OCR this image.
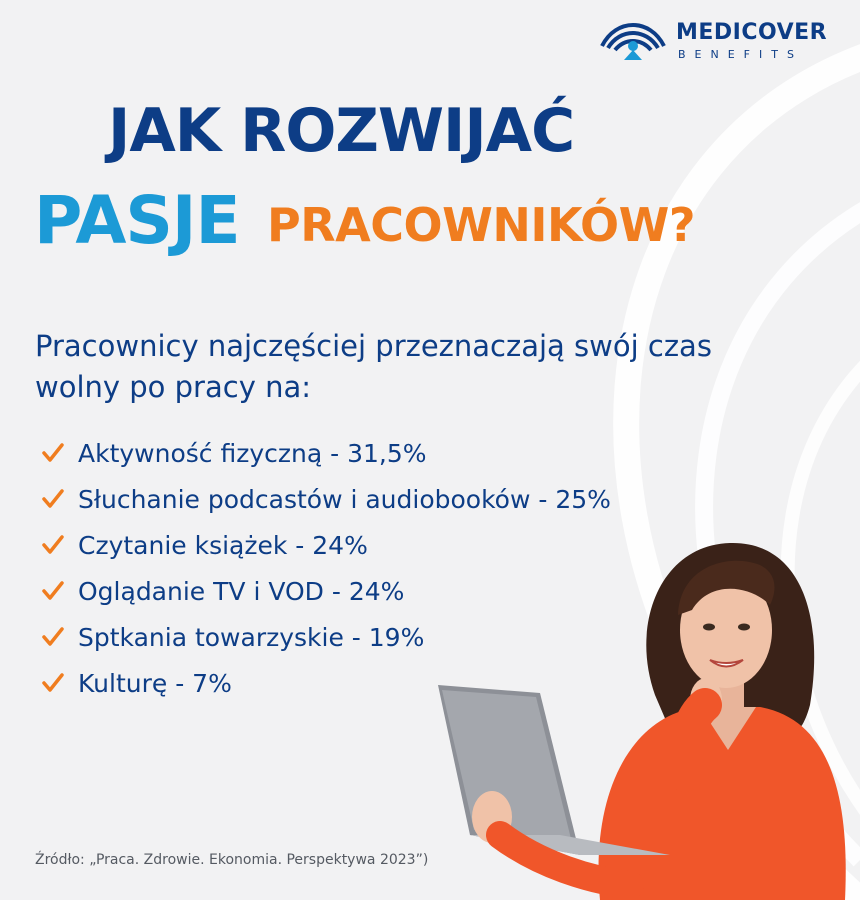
MEDICOVER
BENEFITS
JAK ROZWIJAĆ
PASJE PRACOWNIKÓW?
Pracownicy najczęściej przeznaczają swój czas wolny po pracy na:
Aktywność fizyczną - 31,5%
Słuchanie podcastów i audiobooków - 25%
Czytanie książek - 24%
Oglądanie TV i VOD - 24%
Sptkania towarzyskie - 19%
Kulturę - 7%
Źródło: „Praca. Zdrowie. Ekonomia. Perspektywa 2023”)
